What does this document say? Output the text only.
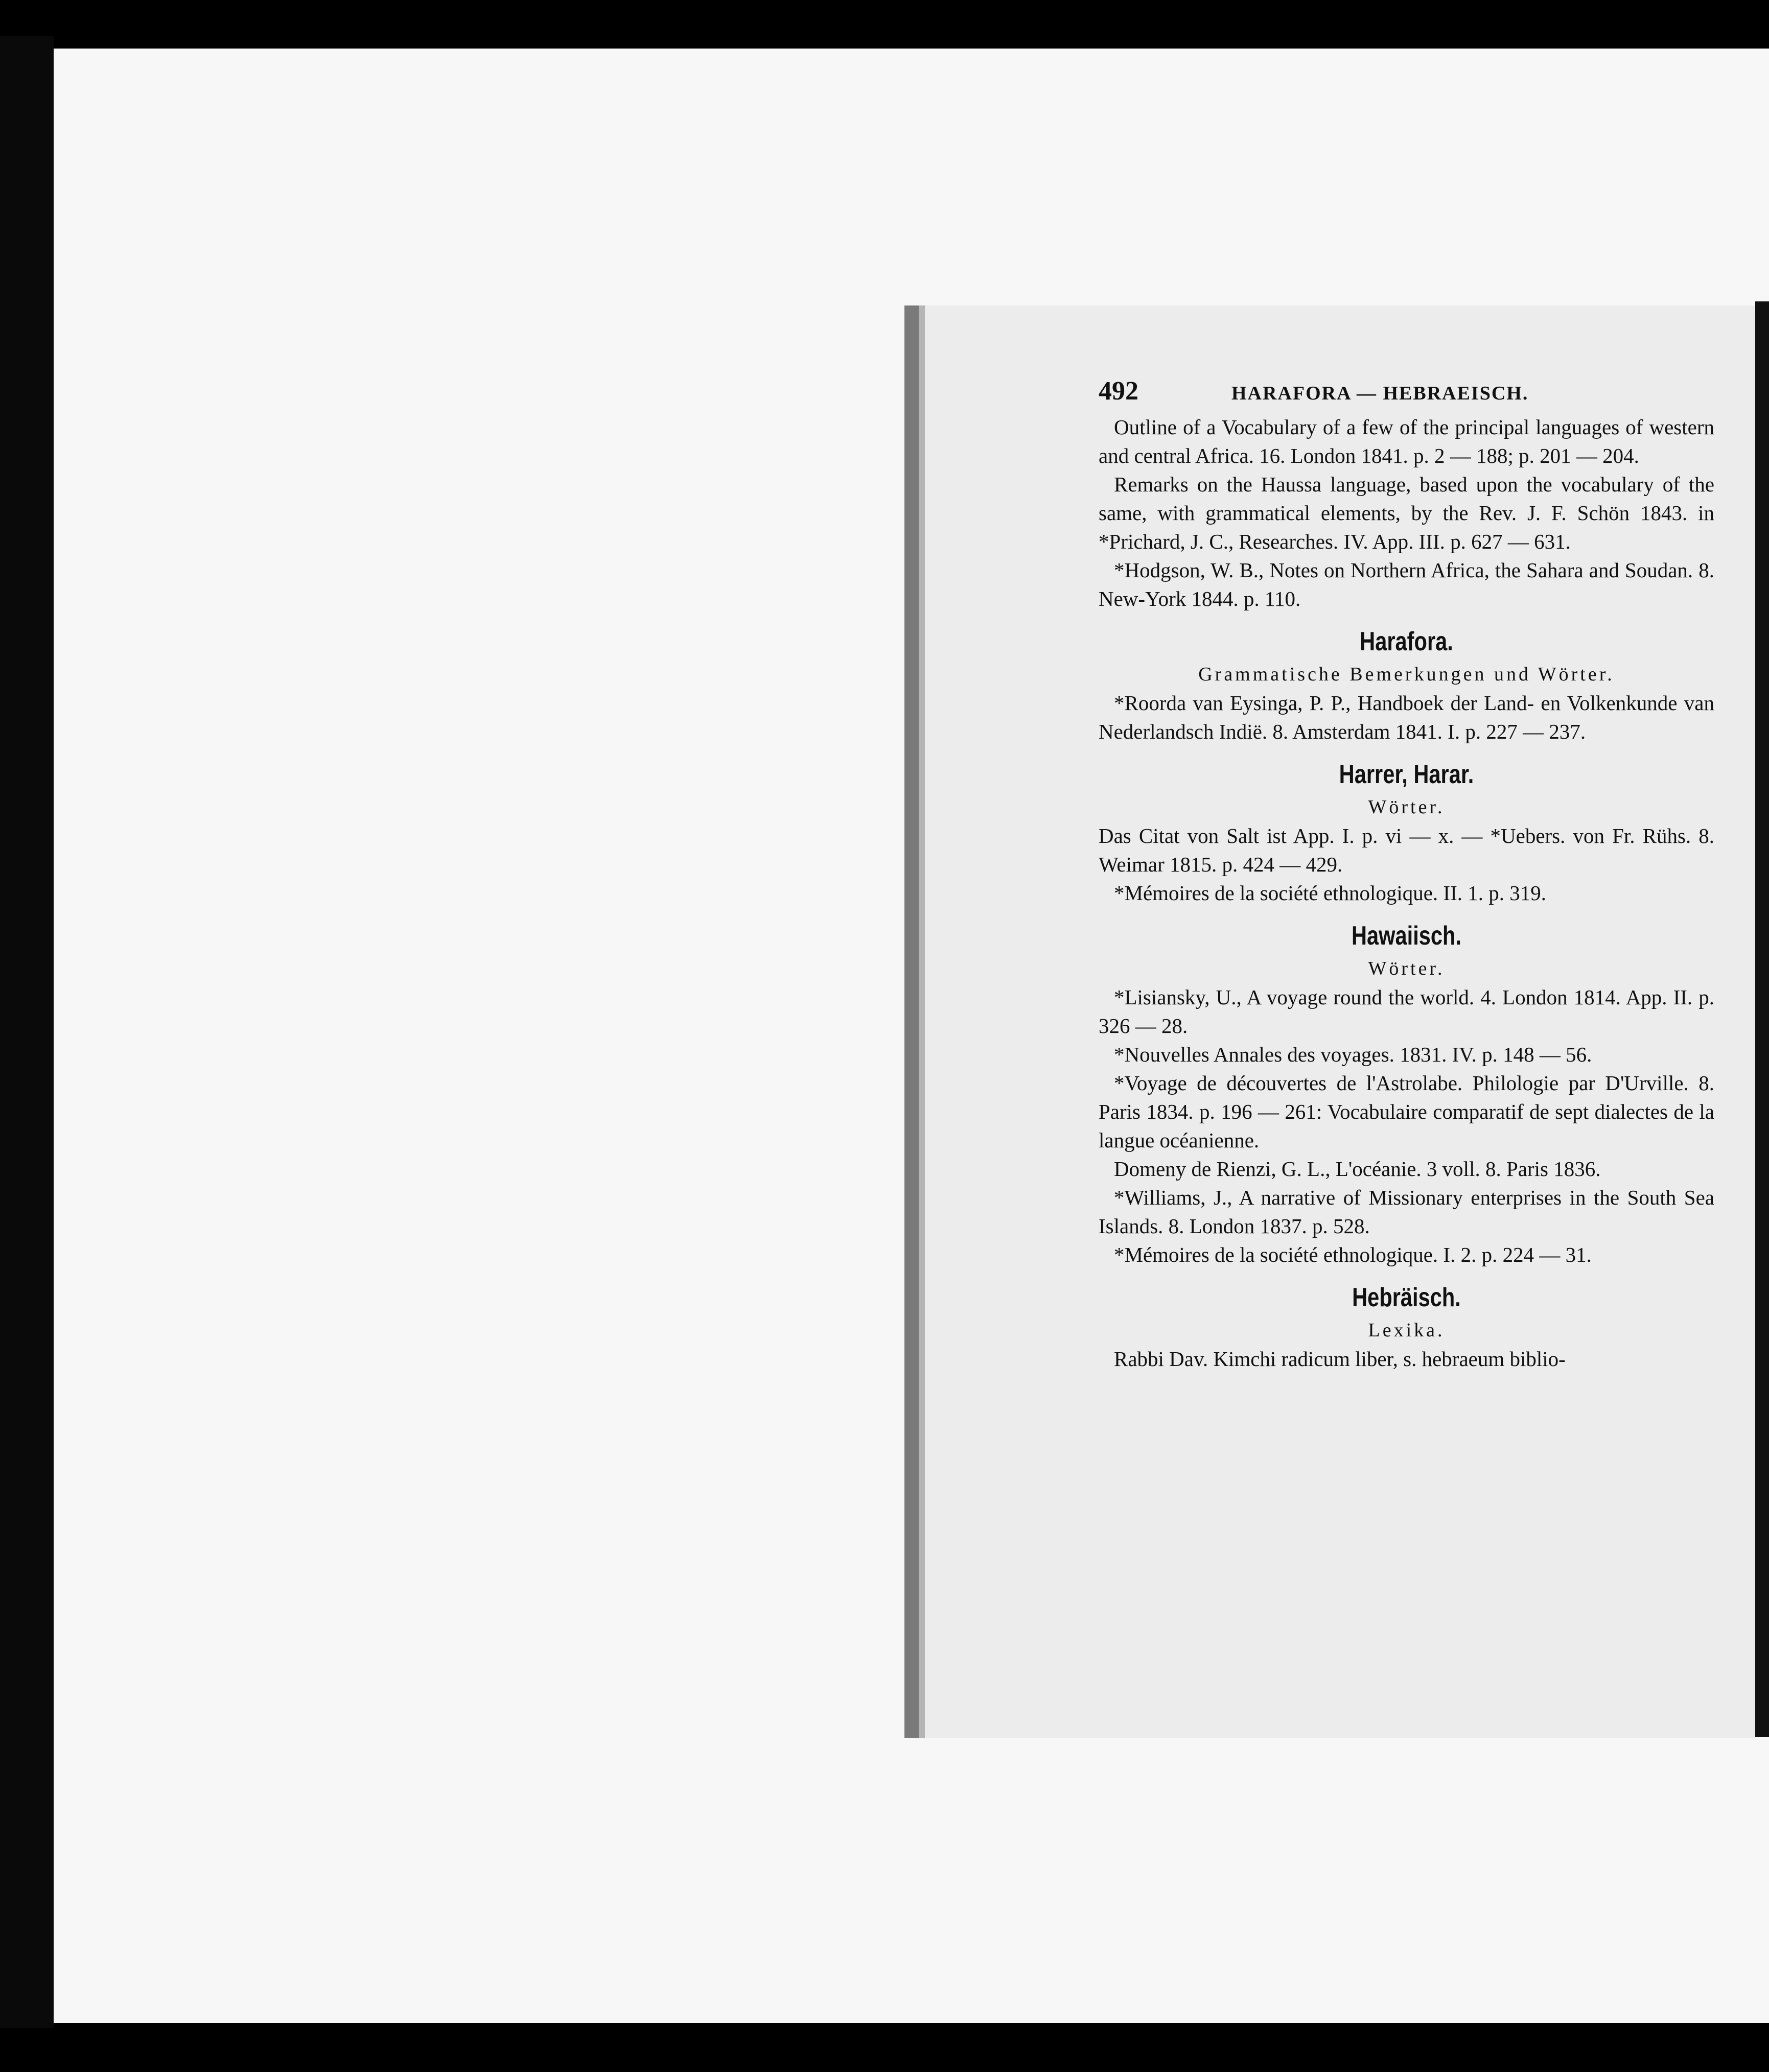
492	HARAFORA — HEBRAEISCH.
Outline of a Vocabulary of a few of the principal languages of western and central Africa. 16. London 1841. p. 2 — 188; p. 201 — 204.
Remarks on the Haussa language, based upon the vocabulary of the same, with grammatical elements, by the Rev. J. F. Schön 1843. in *Prichard, J. C., Researches. IV. App. III. p. 627 — 631.
*Hodgson, W. B., Notes on Northern Africa, the Sahara and Soudan. 8. New-York 1844. p. 110.
Harafora.
Grammatische Bemerkungen und Wörter.
*Roorda van Eysinga, P. P., Handboek der Land- en Volkenkunde van Nederlandsch Indië. 8. Amsterdam 1841. I. p. 227 — 237.
Harrer, Harar.
Wörter.
Das Citat von Salt ist App. I. p. vi — x. — *Uebers. von Fr. Rühs. 8. Weimar 1815. p. 424 — 429.
*Mémoires de la société ethnologique. II. 1. p. 319.
Hawaiisch.
Wörter.
*Lisiansky, U., A voyage round the world. 4. London 1814. App. II. p. 326 — 28.
*Nouvelles Annales des voyages. 1831. IV. p. 148 — 56.
*Voyage de découvertes de l'Astrolabe. Philologie par D'Urville. 8. Paris 1834. p. 196 — 261: Vocabulaire comparatif de sept dialectes de la langue océanienne.
Domeny de Rienzi, G. L., L'océanie. 3 voll. 8. Paris 1836.
*Williams, J., A narrative of Missionary enterprises in the South Sea Islands. 8. London 1837. p. 528.
*Mémoires de la société ethnologique. I. 2. p. 224 — 31.
Hebräisch.
Lexika.
Rabbi Dav. Kimchi radicum liber, s. hebraeum biblio-
